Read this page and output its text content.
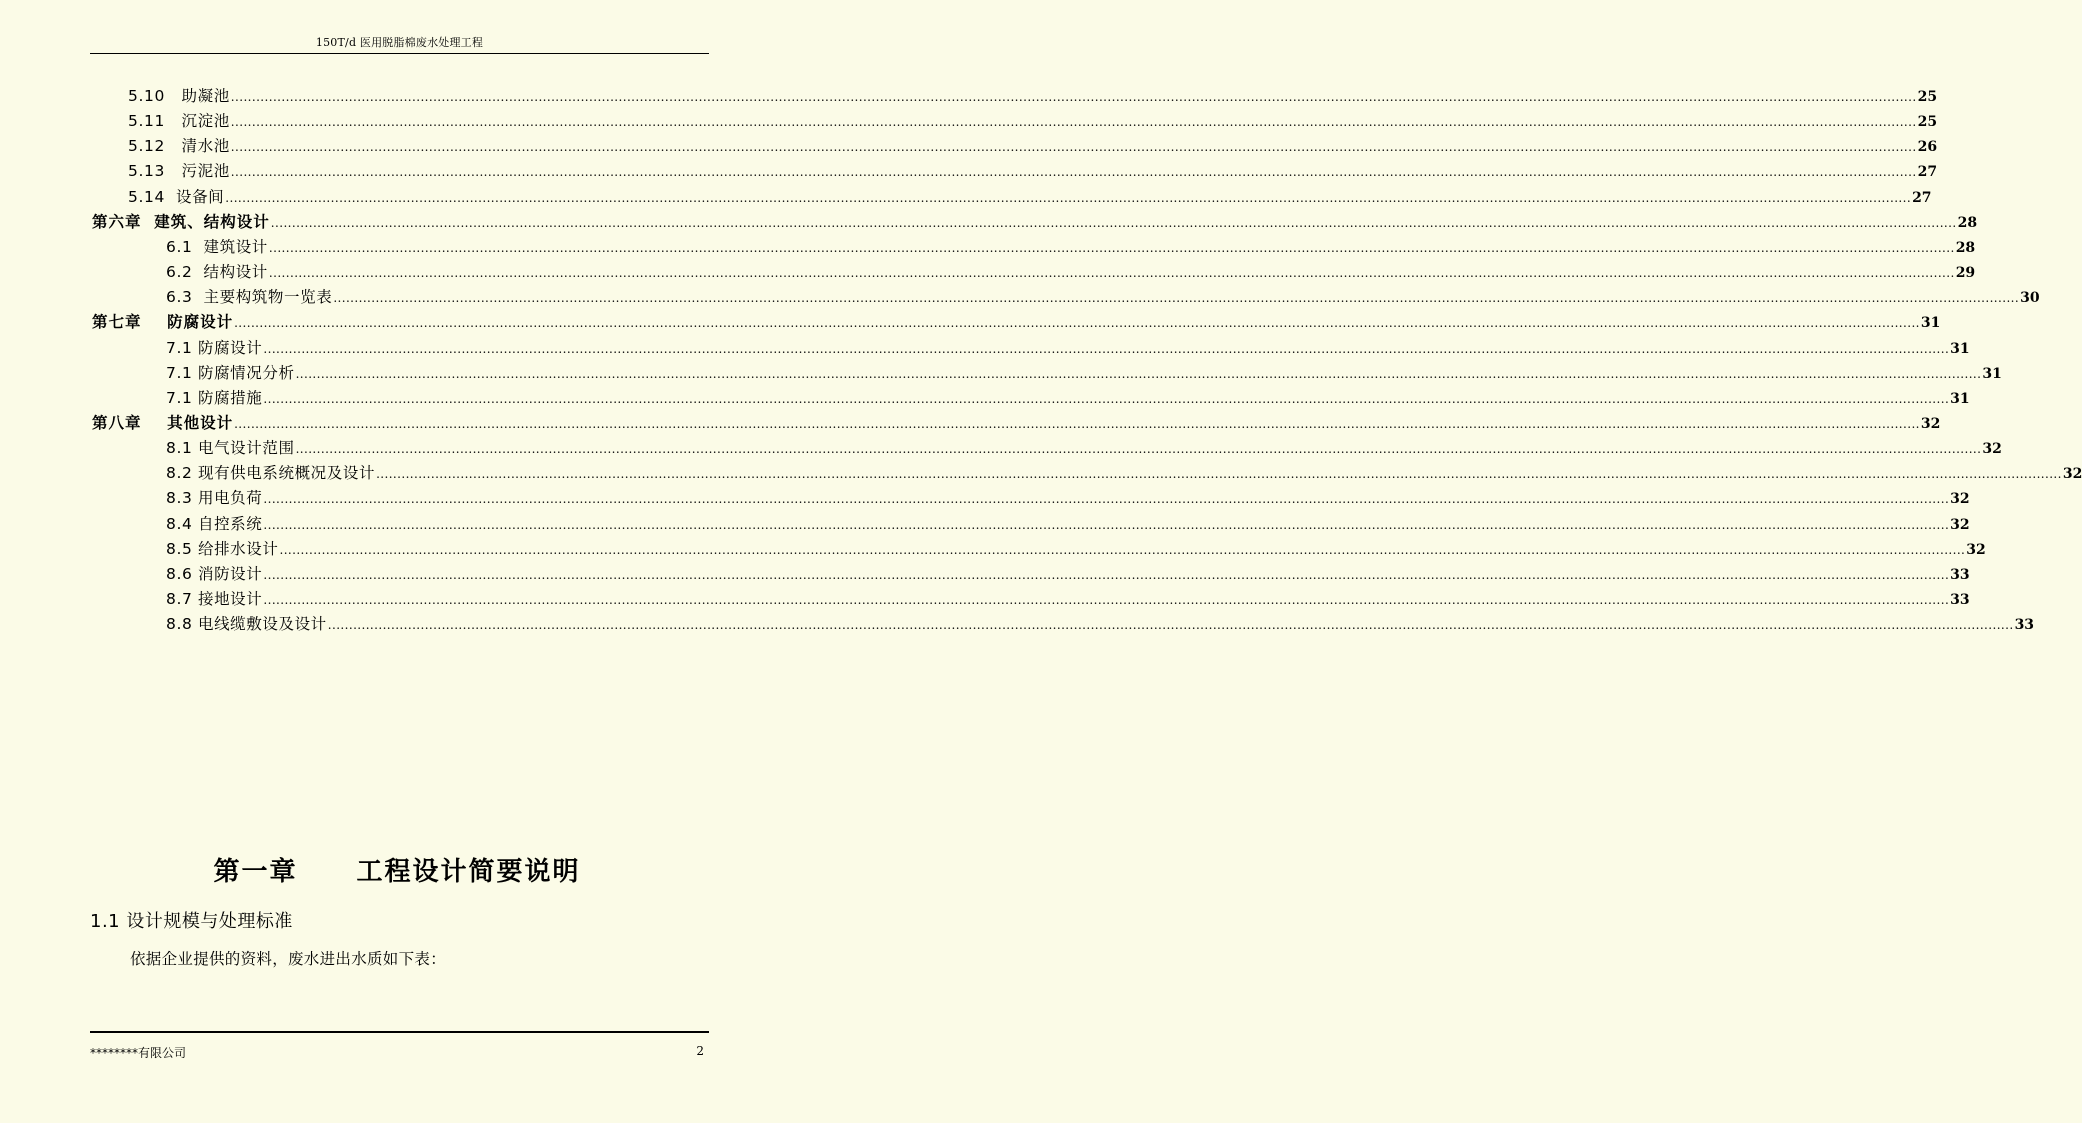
150T/d 医用脱脂棉废水处理工程
5.10   助凝池 ................................................................................................................................................................................................................................................................................................................................................................................................................ 25
5.11   沉淀池 ................................................................................................................................................................................................................................................................................................................................................................................................................ 25
5.12   清水池 ................................................................................................................................................................................................................................................................................................................................................................................................................ 26
5.13   污泥池 ................................................................................................................................................................................................................................................................................................................................................................................................................ 27
5.14  设备间 ................................................................................................................................................................................................................................................................................................................................................................................................................ 27
第六章  建筑、结构设计 ................................................................................................................................................................................................................................................................................................................................................................................................................ 28
6.1  建筑设计 ................................................................................................................................................................................................................................................................................................................................................................................................................ 28
6.2  结构设计 ................................................................................................................................................................................................................................................................................................................................................................................................................ 29
6.3  主要构筑物一览表 ................................................................................................................................................................................................................................................................................................................................................................................................................ 30
第七章    防腐设计 ................................................................................................................................................................................................................................................................................................................................................................................................................ 31
7.1 防腐设计 ................................................................................................................................................................................................................................................................................................................................................................................................................ 31
7.1 防腐情况分析 ................................................................................................................................................................................................................................................................................................................................................................................................................ 31
7.1 防腐措施 ................................................................................................................................................................................................................................................................................................................................................................................................................ 31
第八章    其他设计 ................................................................................................................................................................................................................................................................................................................................................................................................................ 32
8.1 电气设计范围 ................................................................................................................................................................................................................................................................................................................................................................................................................ 32
8.2 现有供电系统概况及设计 ................................................................................................................................................................................................................................................................................................................................................................................................................ 32
8.3 用电负荷 ................................................................................................................................................................................................................................................................................................................................................................................................................ 32
8.4 自控系统 ................................................................................................................................................................................................................................................................................................................................................................................................................ 32
8.5 给排水设计 ................................................................................................................................................................................................................................................................................................................................................................................................................ 32
8.6 消防设计 ................................................................................................................................................................................................................................................................................................................................................................................................................ 33
8.7 接地设计 ................................................................................................................................................................................................................................................................................................................................................................................................................ 33
8.8 电线缆敷设及设计 ................................................................................................................................................................................................................................................................................................................................................................................................................ 33
第一章　 工程设计简要说明
1.1 设计规模与处理标准
依据企业提供的资料，废水进出水质如下表：
********有限公司	2
